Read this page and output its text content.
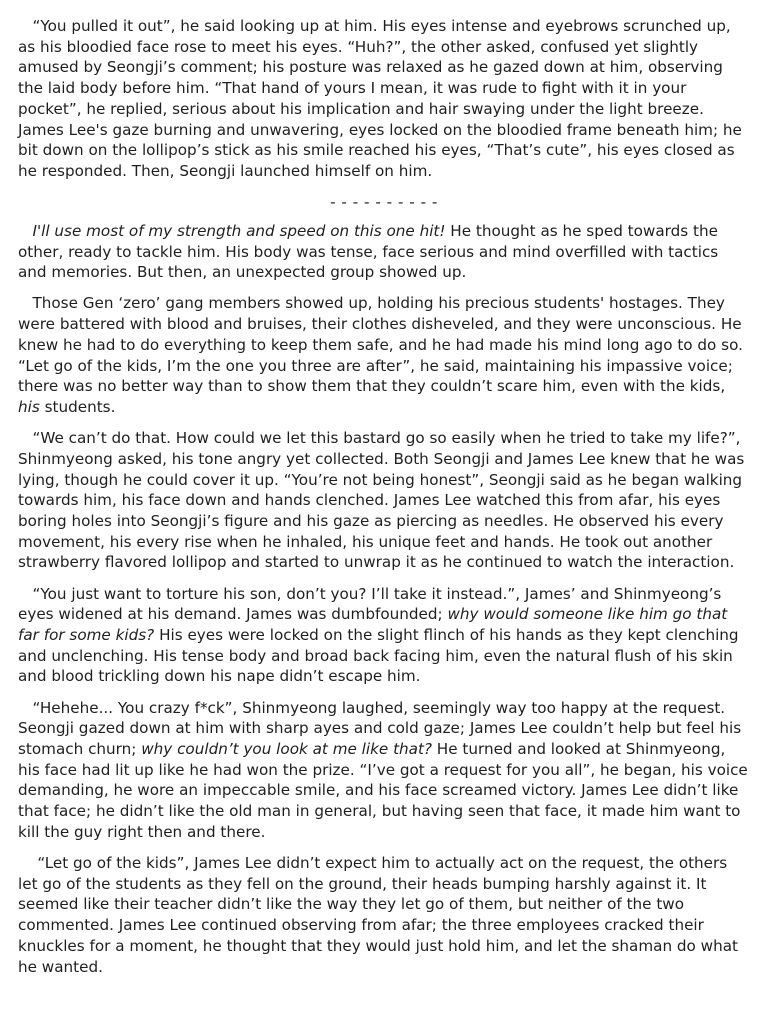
“You pulled it out”, he said looking up at him. His eyes intense and eyebrows scrunched up, as his bloodied face rose to meet his eyes. “Huh?”, the other asked, confused yet slightly amused by Seongji’s comment; his posture was relaxed as he gazed down at him, observing the laid body before him. “That hand of yours I mean, it was rude to fight with it in your pocket”, he replied, serious about his implication and hair swaying under the light breeze. James Lee's gaze burning and unwavering, eyes locked on the bloodied frame beneath him; he bit down on the lollipop’s stick as his smile reached his eyes, “That’s cute”, his eyes closed as he responded. Then, Seongji launched himself on him.

- - - - - - - - - -

I'll use most of my strength and speed on this one hit! He thought as he sped towards the other, ready to tackle him. His body was tense, face serious and mind overfilled with tactics and memories. But then, an unexpected group showed up.

Those Gen ‘zero’ gang members showed up, holding his precious students' hostages. They were battered with blood and bruises, their clothes disheveled, and they were unconscious. He knew he had to do everything to keep them safe, and he had made his mind long ago to do so. “Let go of the kids, I’m the one you three are after”, he said, maintaining his impassive voice; there was no better way than to show them that they couldn’t scare him, even with the kids, his students.

“We can’t do that. How could we let this bastard go so easily when he tried to take my life?”, Shinmyeong asked, his tone angry yet collected. Both Seongji and James Lee knew that he was lying, though he could cover it up. “You’re not being honest”, Seongji said as he began walking towards him, his face down and hands clenched. James Lee watched this from afar, his eyes boring holes into Seongji’s figure and his gaze as piercing as needles. He observed his every movement, his every rise when he inhaled, his unique feet and hands. He took out another strawberry flavored lollipop and started to unwrap it as he continued to watch the interaction.

“You just want to torture his son, don’t you? I’ll take it instead.”, James’ and Shinmyeong’s eyes widened at his demand. James was dumbfounded; why would someone like him go that far for some kids? His eyes were locked on the slight flinch of his hands as they kept clenching and unclenching. His tense body and broad back facing him, even the natural flush of his skin and blood trickling down his nape didn’t escape him.

“Hehehe... You crazy f*ck”, Shinmyeong laughed, seemingly way too happy at the request. Seongji gazed down at him with sharp ayes and cold gaze; James Lee couldn’t help but feel his stomach churn; why couldn’t you look at me like that? He turned and looked at Shinmyeong, his face had lit up like he had won the prize. “I’ve got a request for you all”, he began, his voice demanding, he wore an impeccable smile, and his face screamed victory. James Lee didn’t like that face; he didn’t like the old man in general, but having seen that face, it made him want to kill the guy right then and there.

“Let go of the kids”, James Lee didn’t expect him to actually act on the request, the others let go of the students as they fell on the ground, their heads bumping harshly against it. It seemed like their teacher didn’t like the way they let go of them, but neither of the two commented. James Lee continued observing from afar; the three employees cracked their knuckles for a moment, he thought that they would just hold him, and let the shaman do what he wanted.
